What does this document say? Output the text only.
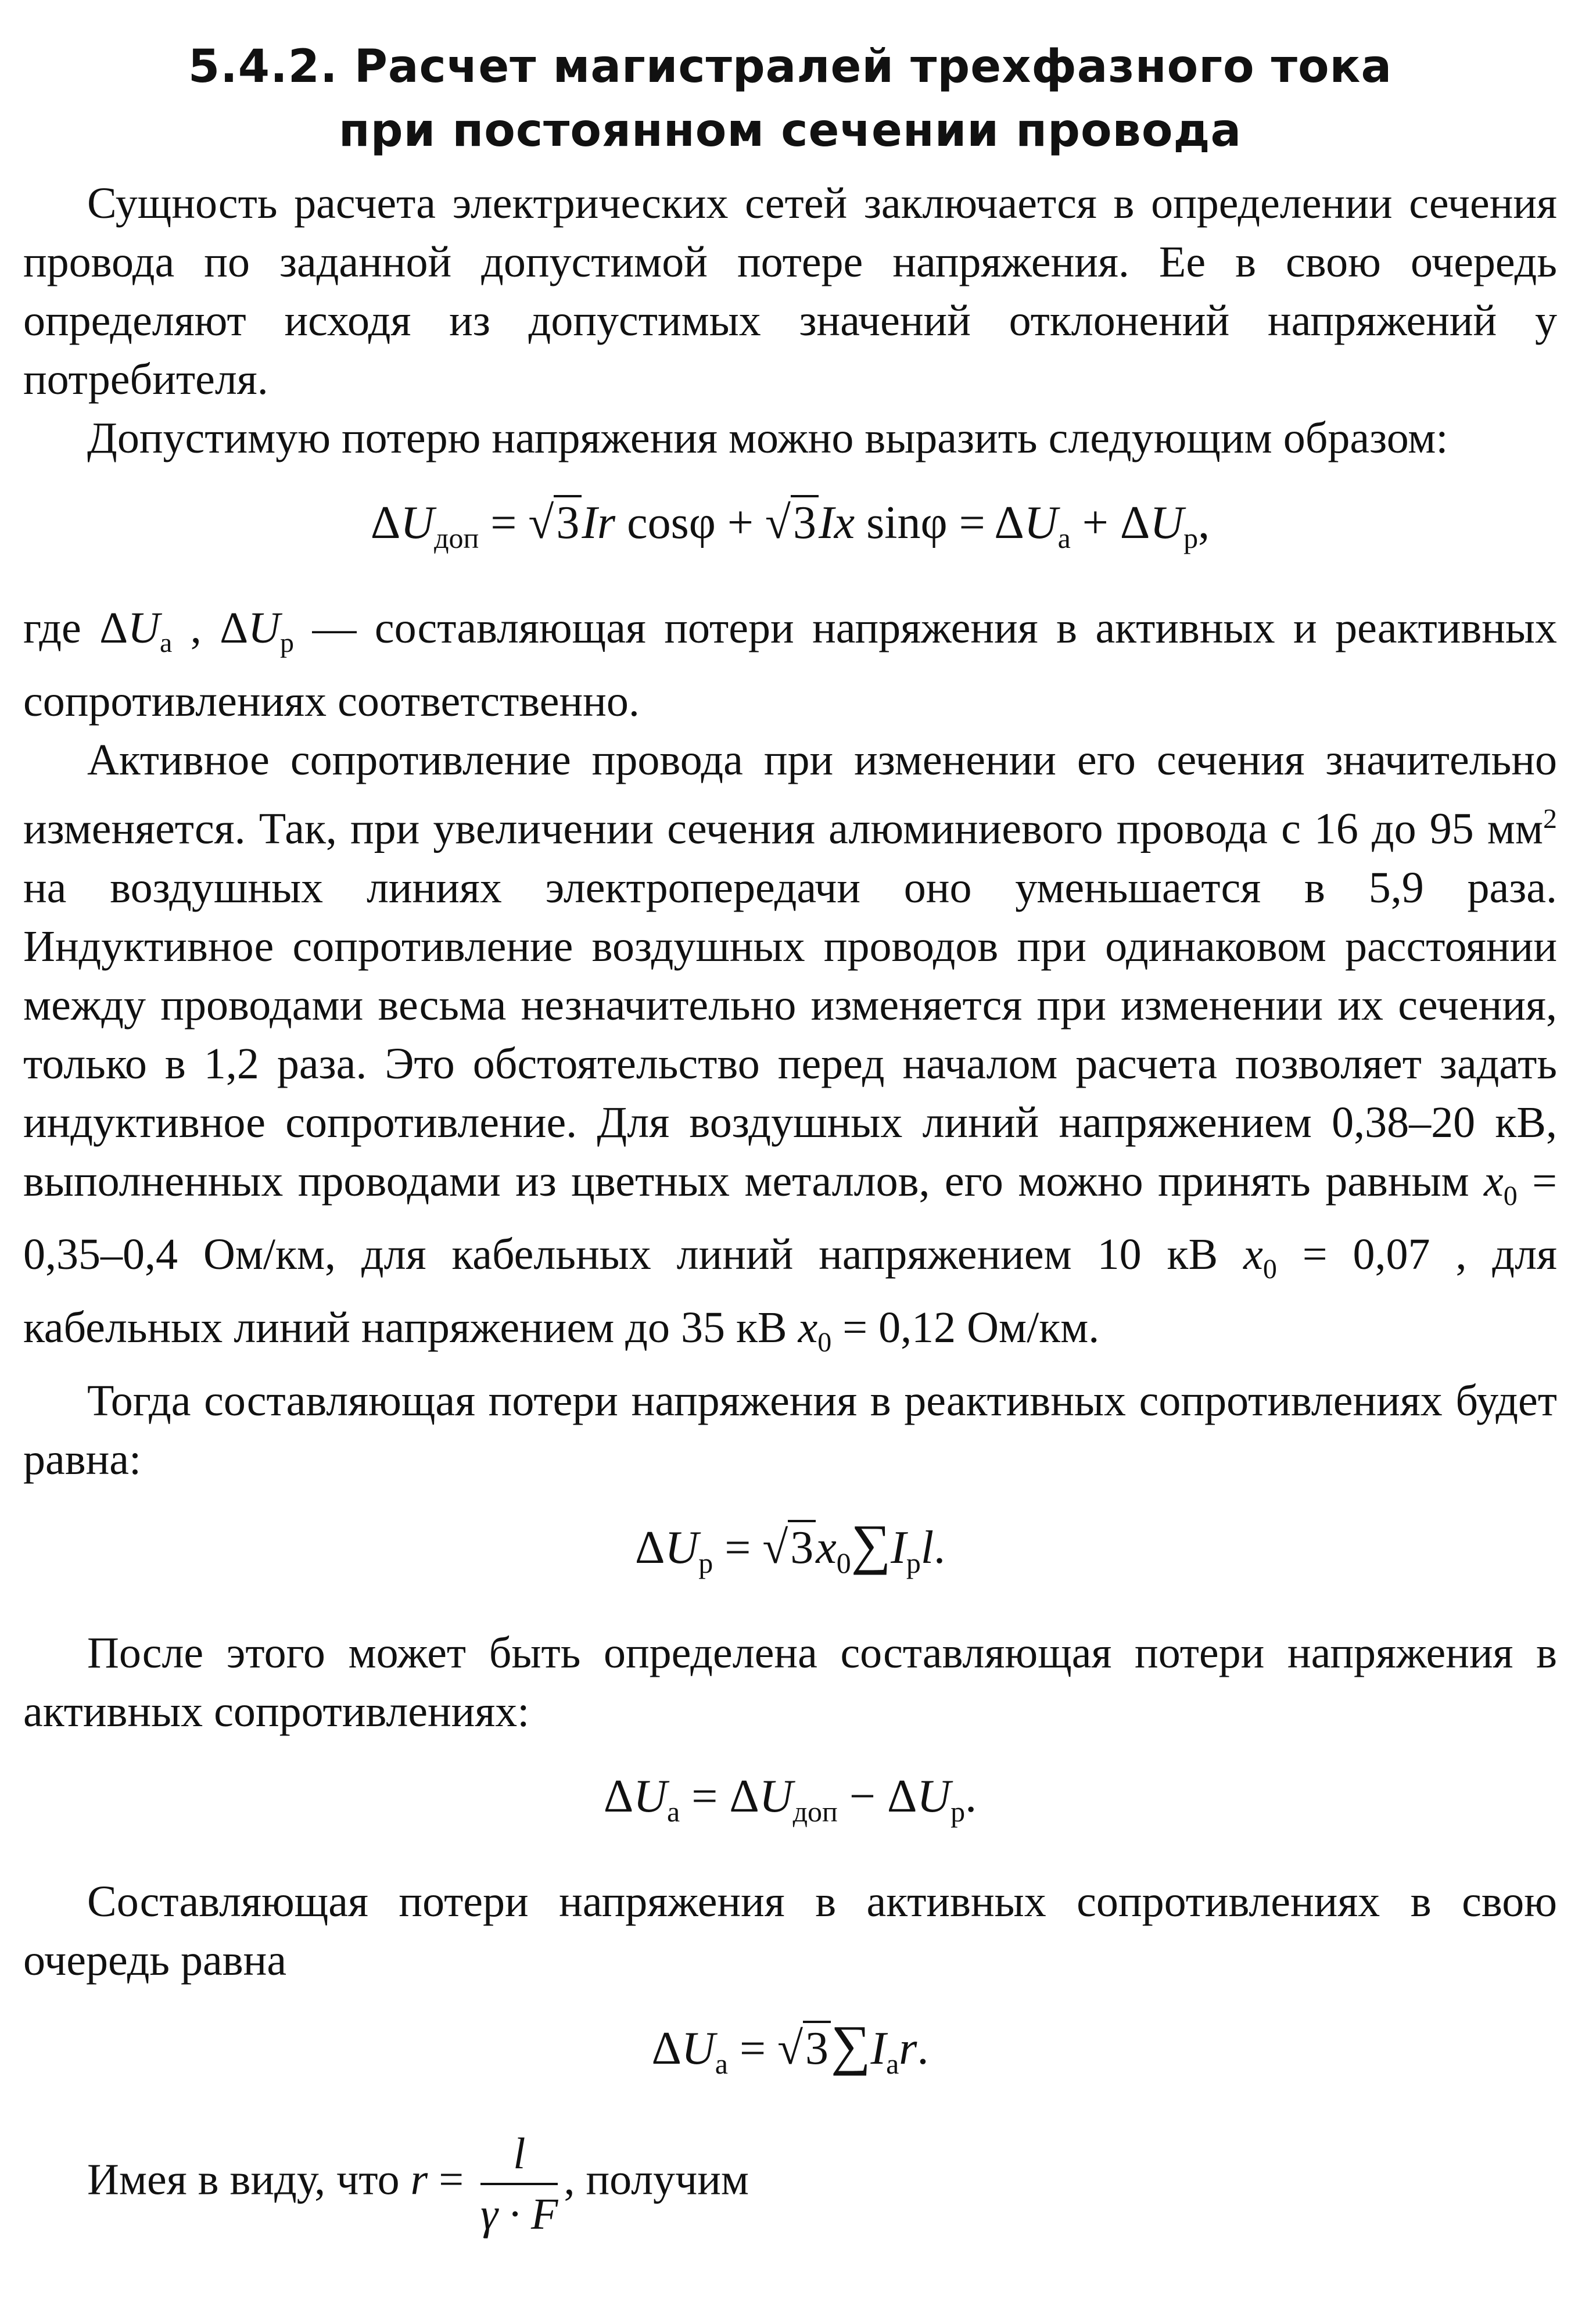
5.4.2. Расчет магистралей трехфазного тока
при постоянном сечении провода

Сущность расчета электрических сетей заключается в определении сечения провода по заданной допустимой потере напряжения. Ее в свою очередь определяют исходя из допустимых значений отклонений напряжений у потребителя.

Допустимую потерю напряжения можно выразить следующим образом:

$\Delta U_{доп} = √3Ir$ cosφ + √3Ix $\sin\varphi = \Delta U_а + \Delta U_р$,

где $\Delta U_а$ , $\Delta U_р$ — составляющая потери напряжения в активных и реактивных сопротивлениях соответственно.

Активное сопротивление провода при изменении его сечения значительно изменяется. Так, при увеличении сечения алюминиевого провода с 16 до 95 $мм^2$ на воздушных линиях электропередачи оно уменьшается в 5,9 раза. Индуктивное сопротивление воздушных проводов при одинаковом расстоянии между проводами весьма незначительно изменяется при изменении их сечения, только в 1,2 раза. Это обстоятельство перед началом расчета позволяет задать индуктивное сопротивление. Для воздушных линий напряжением 0,38–20 кВ, выполненных проводами из цветных металлов, его можно принять равным $x_0 = 0,35-0,4$ Ом/км, для кабельных линий напряжением 10 кВ $x_0 = 0,07$ , для кабельных линий напряжением до 35 кВ $x_0 = 0,12$ Ом/км.

Тогда составляющая потери напряжения в реактивных сопротивлениях будет равна:

$\Delta U_р = √3x_0\sum I_рl$.

После этого может быть определена составляющая потери напряжения в активных сопротивлениях:

$\Delta U_а = \Delta U_{доп} - \Delta U_р$.

Составляющая потери напряжения в активных сопротивлениях в свою очередь равна

$\Delta U_а = √3\sum I_аr$.

Имея в виду, что $r = \frac{l}{\gamma \cdot F}$ , получим
